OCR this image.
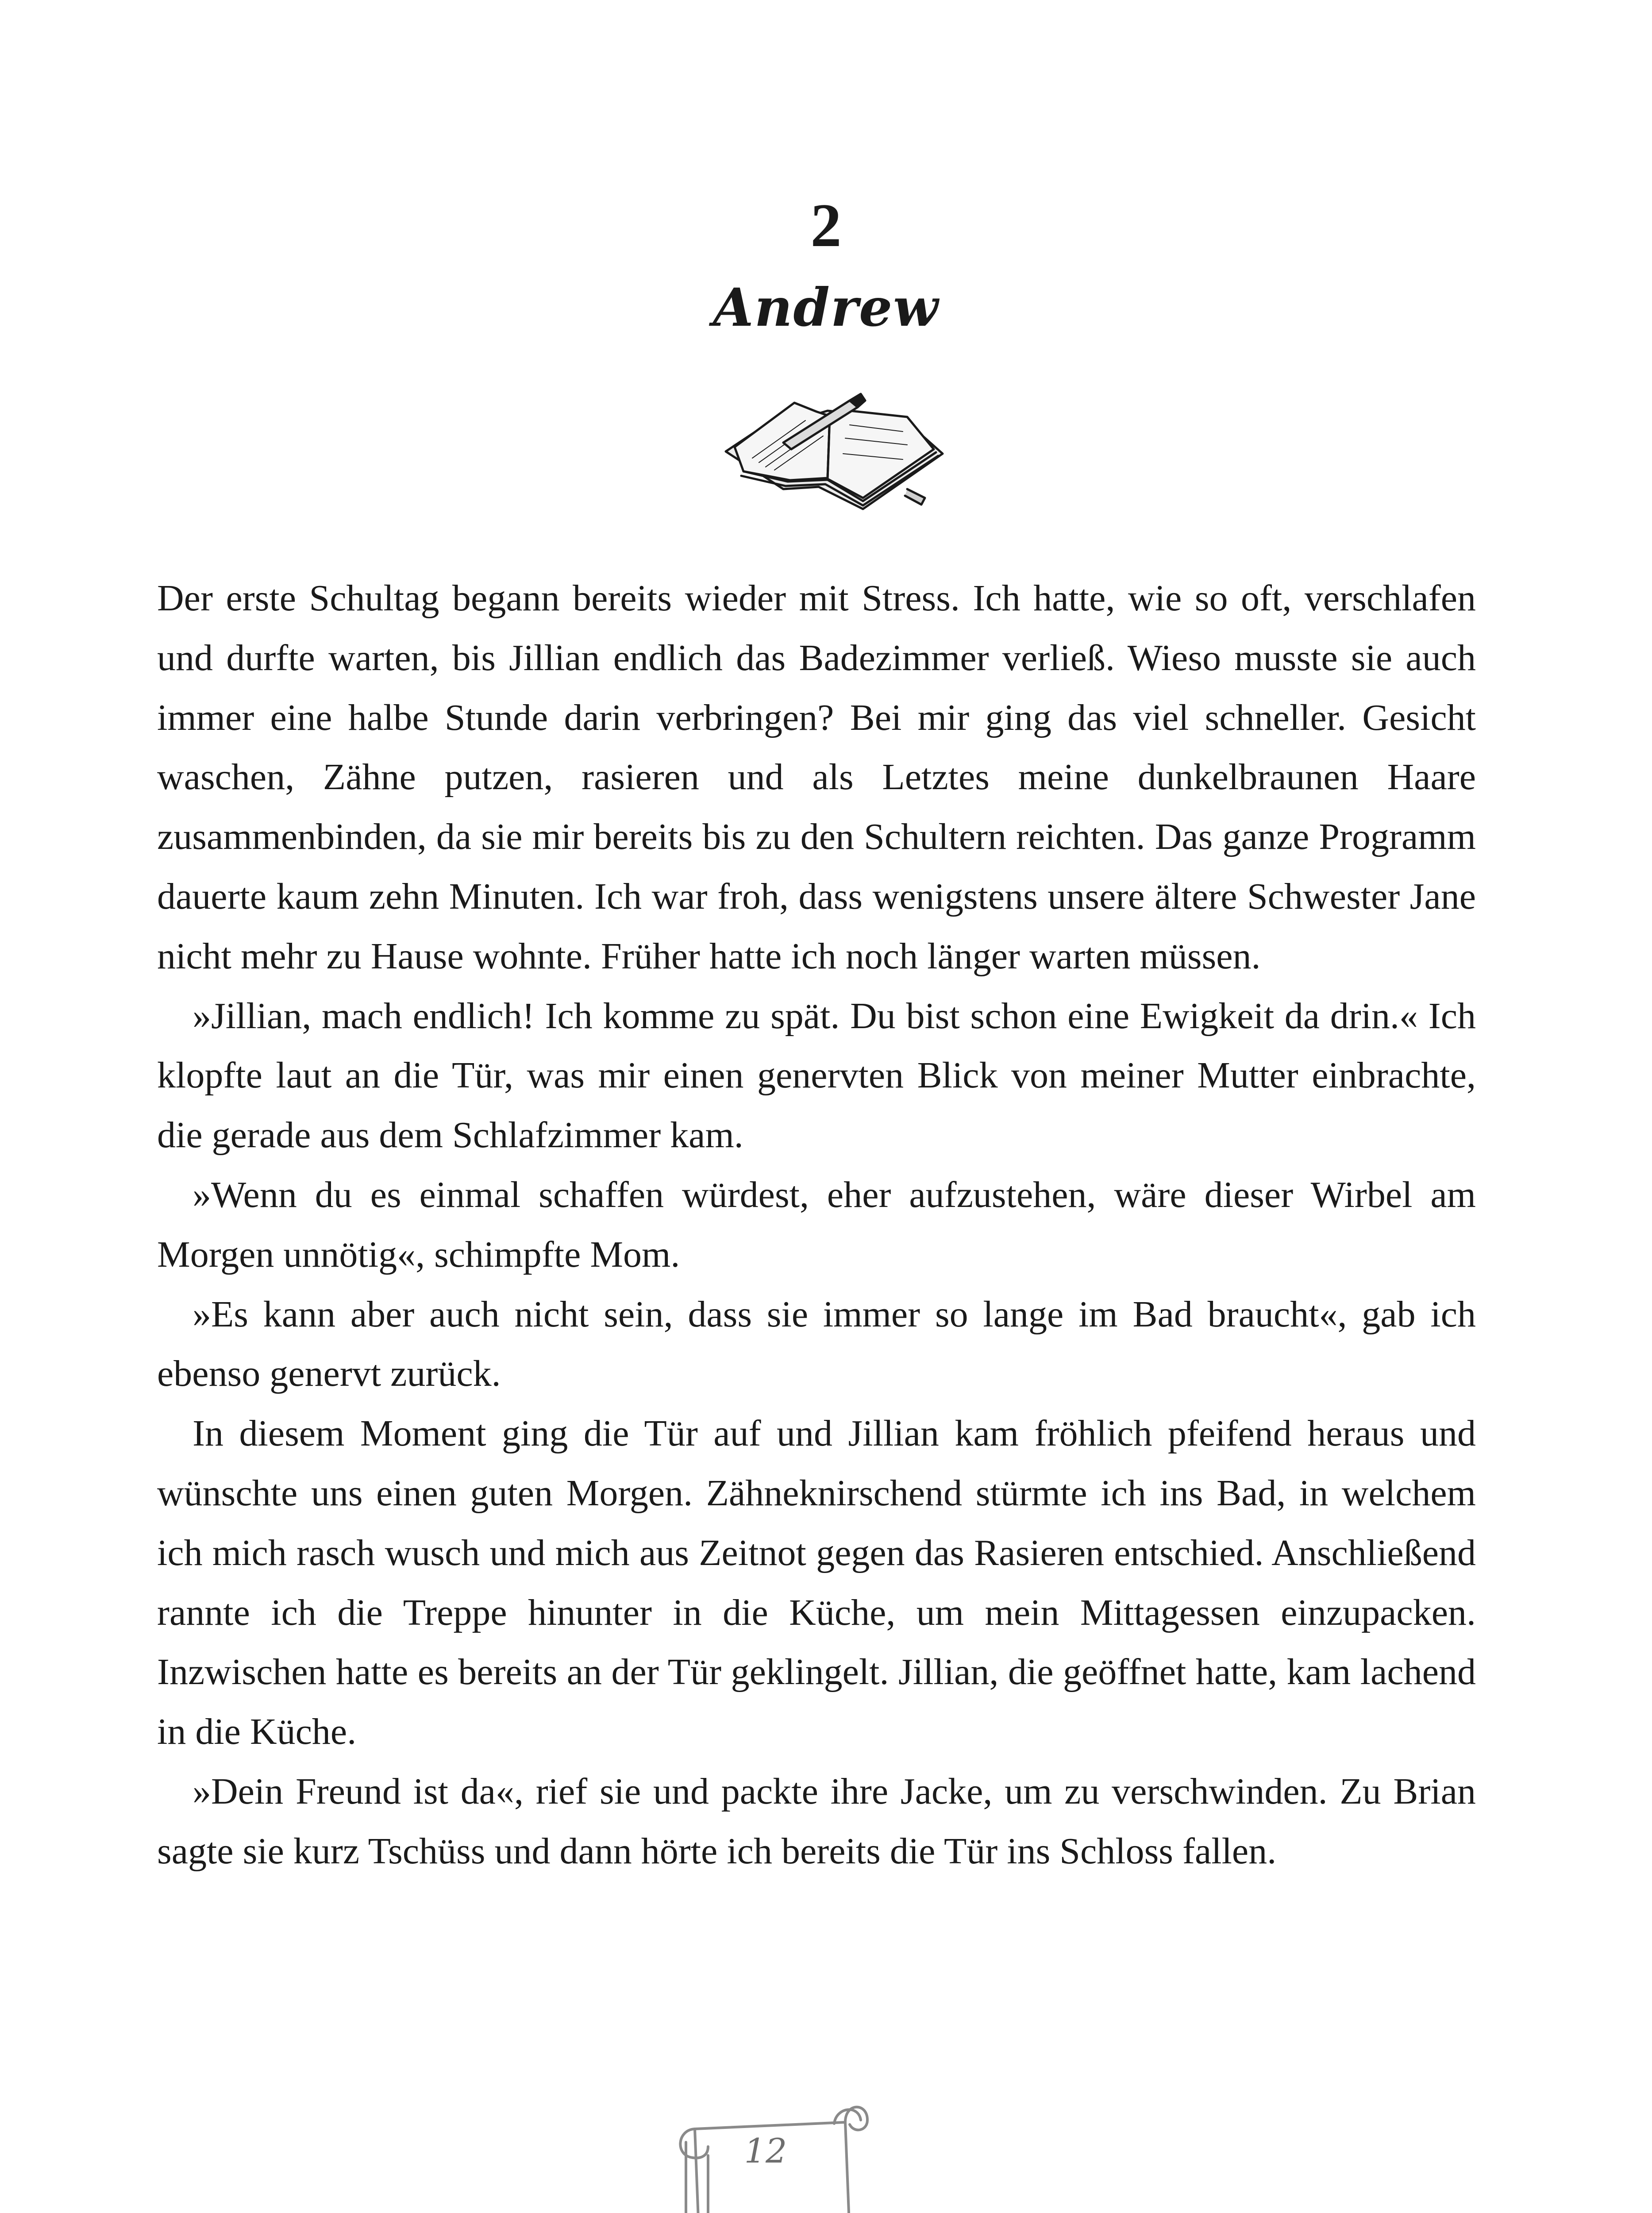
2
Andrew

Der erste Schultag begann bereits wieder mit Stress. Ich hatte, wie so oft, verschlafen und durfte warten, bis Jillian endlich das Badezimmer verließ. Wieso musste sie auch immer eine halbe Stunde darin verbringen? Bei mir ging das viel schneller. Gesicht waschen, Zähne putzen, rasieren und als Letztes meine dunkelbraunen Haare zusammenbinden, da sie mir bereits bis zu den Schultern reichten. Das ganze Programm dauerte kaum zehn Minuten. Ich war froh, dass wenigstens unsere ältere Schwester Jane nicht mehr zu Hause wohnte. Früher hatte ich noch länger warten müssen.

»Jillian, mach endlich! Ich komme zu spät. Du bist schon eine Ewigkeit da drin.« Ich klopfte laut an die Tür, was mir einen genervten Blick von meiner Mutter einbrachte, die gerade aus dem Schlafzimmer kam.

»Wenn du es einmal schaffen würdest, eher aufzustehen, wäre dieser Wirbel am Morgen unnötig«, schimpfte Mom.

»Es kann aber auch nicht sein, dass sie immer so lange im Bad braucht«, gab ich ebenso genervt zurück.

In diesem Moment ging die Tür auf und Jillian kam fröhlich pfeifend heraus und wünschte uns einen guten Morgen. Zähneknirschend stürmte ich ins Bad, in welchem ich mich rasch wusch und mich aus Zeitnot gegen das Rasieren entschied. Anschließend rannte ich die Treppe hinunter in die Küche, um mein Mittagessen einzupacken. Inzwischen hatte es bereits an der Tür geklingelt. Jillian, die geöffnet hatte, kam lachend in die Küche.

»Dein Freund ist da«, rief sie und packte ihre Jacke, um zu verschwinden. Zu Brian sagte sie kurz Tschüss und dann hörte ich bereits die Tür ins Schloss fallen.

12
